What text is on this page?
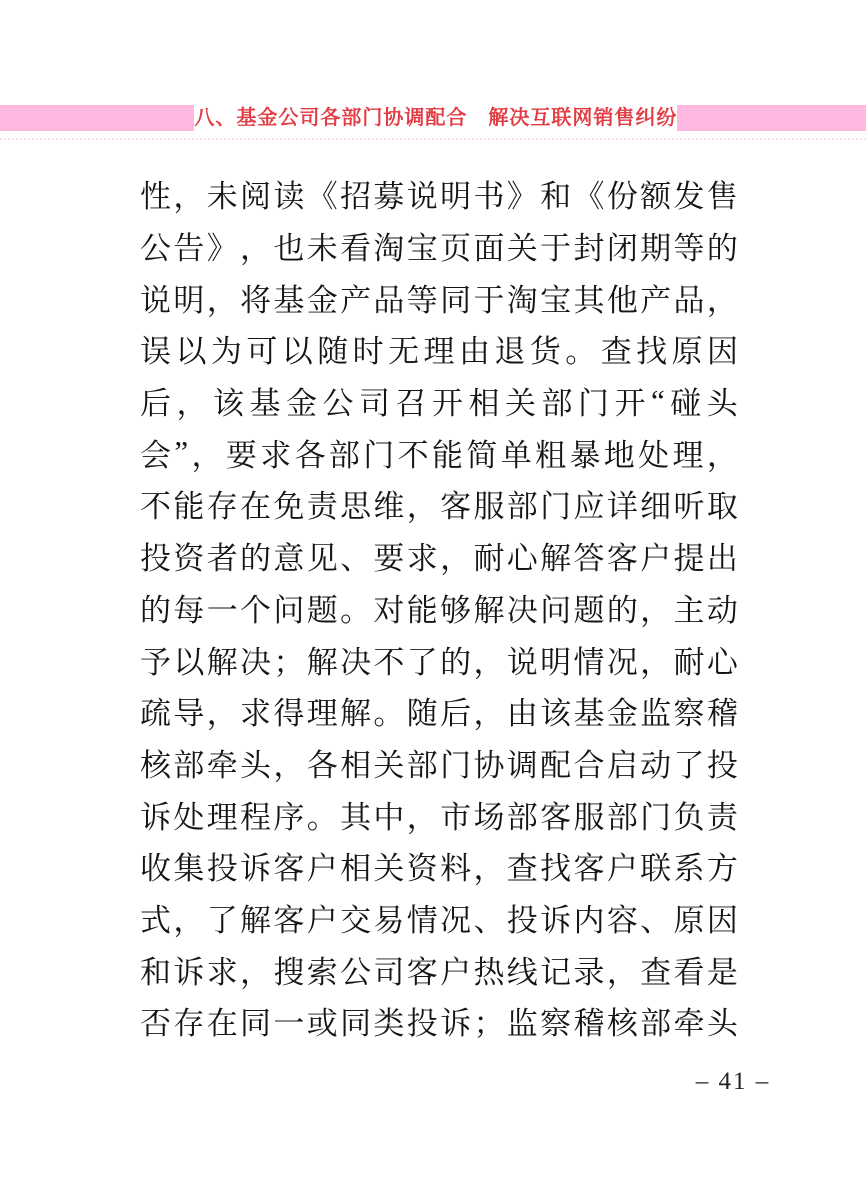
八、基金公司各部门协调配合　解决互联网销售纠纷
性 ， 未 阅 读 《 招 募 说 明 书 》 和 《 份 额 发 售
公 告 》 ， 也 未 看 淘 宝 页 面 关 于 封 闭 期 等 的
说 明 ， 将 基 金 产 品 等 同 于 淘 宝 其 他 产 品 ，
误 以 为 可 以 随 时 无 理 由 退 货 。 查 找 原 因
后 ， 该 基 金 公 司 召 开 相 关 部 门 开 “ 碰 头
会 ” ， 要 求 各 部 门 不 能 简 单 粗 暴 地 处 理 ，
不 能 存 在 免 责 思 维 ， 客 服 部 门 应 详 细 听 取
投 资 者 的 意 见 、 要 求 ， 耐 心 解 答 客 户 提 出
的 每 一 个 问 题 。 对 能 够 解 决 问 题 的 ， 主 动
予 以 解 决 ； 解 决 不 了 的 ， 说 明 情 况 ， 耐 心
疏 导 ， 求 得 理 解 。 随 后 ， 由 该 基 金 监 察 稽
核 部 牵 头 ， 各 相 关 部 门 协 调 配 合 启 动 了 投
诉 处 理 程 序 。 其 中 ， 市 场 部 客 服 部 门 负 责
收 集 投 诉 客 户 相 关 资 料 ， 查 找 客 户 联 系 方
式 ， 了 解 客 户 交 易 情 况 、 投 诉 内 容 、 原 因
和 诉 求 ， 搜 索 公 司 客 户 热 线 记 录 ， 查 看 是
否 存 在 同 一 或 同 类 投 诉 ； 监 察 稽 核 部 牵 头
– 41 –
